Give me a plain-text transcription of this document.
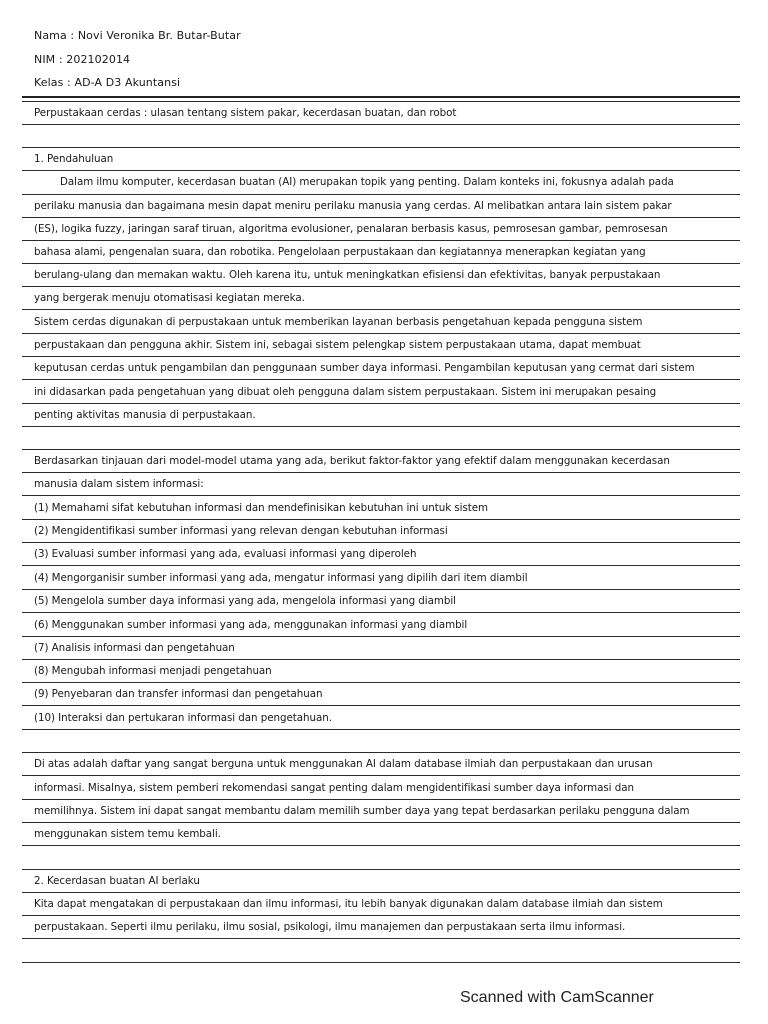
Nama : Novi Veronika Br. Butar-Butar
NIM : 202102014
Kelas : AD-A D3 Akuntansi
Perpustakaan cerdas : ulasan tentang sistem pakar, kecerdasan buatan, dan robot
1. Pendahuluan
Dalam ilmu komputer, kecerdasan buatan (AI) merupakan topik yang penting. Dalam konteks ini, fokusnya adalah pada
perilaku manusia dan bagaimana mesin dapat meniru perilaku manusia yang cerdas. AI melibatkan antara lain sistem pakar
(ES), logika fuzzy, jaringan saraf tiruan, algoritma evolusioner, penalaran berbasis kasus, pemrosesan gambar, pemrosesan
bahasa alami, pengenalan suara, dan robotika. Pengelolaan perpustakaan dan kegiatannya menerapkan kegiatan yang
berulang-ulang dan memakan waktu. Oleh karena itu, untuk meningkatkan efisiensi dan efektivitas, banyak perpustakaan
yang bergerak menuju otomatisasi kegiatan mereka.
Sistem cerdas digunakan di perpustakaan untuk memberikan layanan berbasis pengetahuan kepada pengguna sistem
perpustakaan dan pengguna akhir. Sistem ini, sebagai sistem pelengkap sistem perpustakaan utama, dapat membuat
keputusan cerdas untuk pengambilan dan penggunaan sumber daya informasi. Pengambilan keputusan yang cermat dari sistem
ini didasarkan pada pengetahuan yang dibuat oleh pengguna dalam sistem perpustakaan. Sistem ini merupakan pesaing
penting aktivitas manusia di perpustakaan.
Berdasarkan tinjauan dari model-model utama yang ada, berikut faktor-faktor yang efektif dalam menggunakan kecerdasan
manusia dalam sistem informasi:
(1) Memahami sifat kebutuhan informasi dan mendefinisikan kebutuhan ini untuk sistem
(2) Mengidentifikasi sumber informasi yang relevan dengan kebutuhan informasi
(3) Evaluasi sumber informasi yang ada, evaluasi informasi yang diperoleh
(4) Mengorganisir sumber informasi yang ada, mengatur informasi yang dipilih dari item diambil
(5) Mengelola sumber daya informasi yang ada, mengelola informasi yang diambil
(6) Menggunakan sumber informasi yang ada, menggunakan informasi yang diambil
(7) Analisis informasi dan pengetahuan
(8) Mengubah informasi menjadi pengetahuan
(9) Penyebaran dan transfer informasi dan pengetahuan
(10) Interaksi dan pertukaran informasi dan pengetahuan.
Di atas adalah daftar yang sangat berguna untuk menggunakan AI dalam database ilmiah dan perpustakaan dan urusan
informasi. Misalnya, sistem pemberi rekomendasi sangat penting dalam mengidentifikasi sumber daya informasi dan
memilihnya. Sistem ini dapat sangat membantu dalam memilih sumber daya yang tepat berdasarkan perilaku pengguna dalam
menggunakan sistem temu kembali.
2. Kecerdasan buatan AI berlaku
Kita dapat mengatakan di perpustakaan dan ilmu informasi, itu lebih banyak digunakan dalam database ilmiah dan sistem
perpustakaan. Seperti ilmu perilaku, ilmu sosial, psikologi, ilmu manajemen dan perpustakaan serta ilmu informasi.
Scanned with CamScanner
